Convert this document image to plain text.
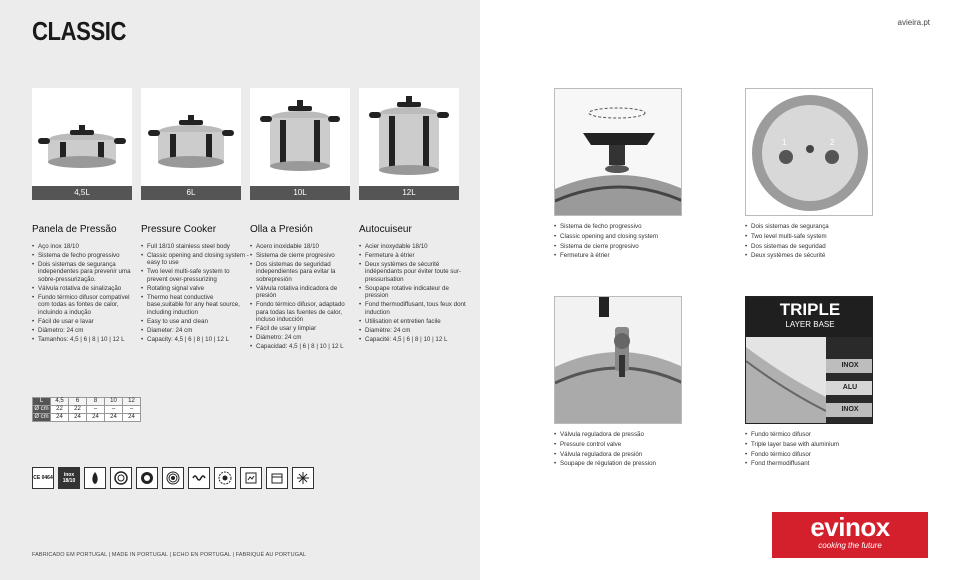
CLASSIC
4,5L	6L	10L	12L
Panela de Pressão
• Aço inox 18/10
• Sistema de fecho progressivo
• Dois sistemas de segurança independentes para prevenir uma sobre-pressurização.
• Válvula rotativa de sinalização
• Fundo térmico difusor compatível com todas as fontes de calor, incluindo a indução
• Fácil de usar e lavar
• Diâmetro: 24 cm
• Tamanhos: 4,5 | 6 | 8 | 10 | 12 L
Pressure Cooker
• Full 18/10 stainless steel body
• Classic opening and closing system - easy to use
• Two level multi-safe system to prevent over-pressurizing
• Rotating signal valve
• Thermo heat conductive base,suitable for any heat source, including induction
• Easy to use and clean
• Diameter: 24 cm
• Capacity: 4,5 | 6 | 8 | 10 | 12 L
Olla a Presión
• Acero inoxidable 18/10
• Sistema de cierre progresivo
• Dos sistemas de seguridad independientes para evitar la sobrepresión
• Válvula rotativa indicadora de presión
• Fondo térmico difusor, adaptado para todas las fuentes de calor, incluso inducción
• Fácil de usar y limpiar
• Diámetro: 24 cm
• Capacidad: 4,5 | 6 | 8 | 10 | 12 L
Autocuiseur
• Acier inoxydable 18/10
• Fermeture à étrier
• Deux systèmes de sécurité indépendants pour éviter toute sur-pressurisation
• Soupape rotative indicateur de pression
• Fond thermodiffusant, tous feux dont induction
• Utilisation et entretien facile
• Diamètre: 24 cm
• Capacité: 4,5 | 6 | 8 | 10 | 12 L
L	4,5	6	8	10	12
Ø cm	22	22	–	–	–
Ø cm	24	24	24	24	24
CE 0464	inox 18/10
FABRICADO EM PORTUGAL | MADE IN PORTUGAL | ECHO EN PORTUGAL | FABRIQUÉ AU PORTUGAL
avieira.pt
• Sistema de fecho progressivo
• Classic opening and closing system
• Sistema de cierre progresivo
• Fermeture à étrier
1	2
• Dois sistemas de segurança
• Two level multi-safe system
• Dos sistemas de seguridad
• Deux systèmes de sécurité
• Válvula reguladora de pressão
• Pressure control valve
• Válvula reguladora de presión
• Soupape de régulation de pression
TRIPLE
LAYER BASE
INOX
ALU
INOX
• Fundo térmico difusor
• Triple layer base with aluminium
• Fondo térmico difusor
• Fond thermodiffusant
evinox
cooking the future
